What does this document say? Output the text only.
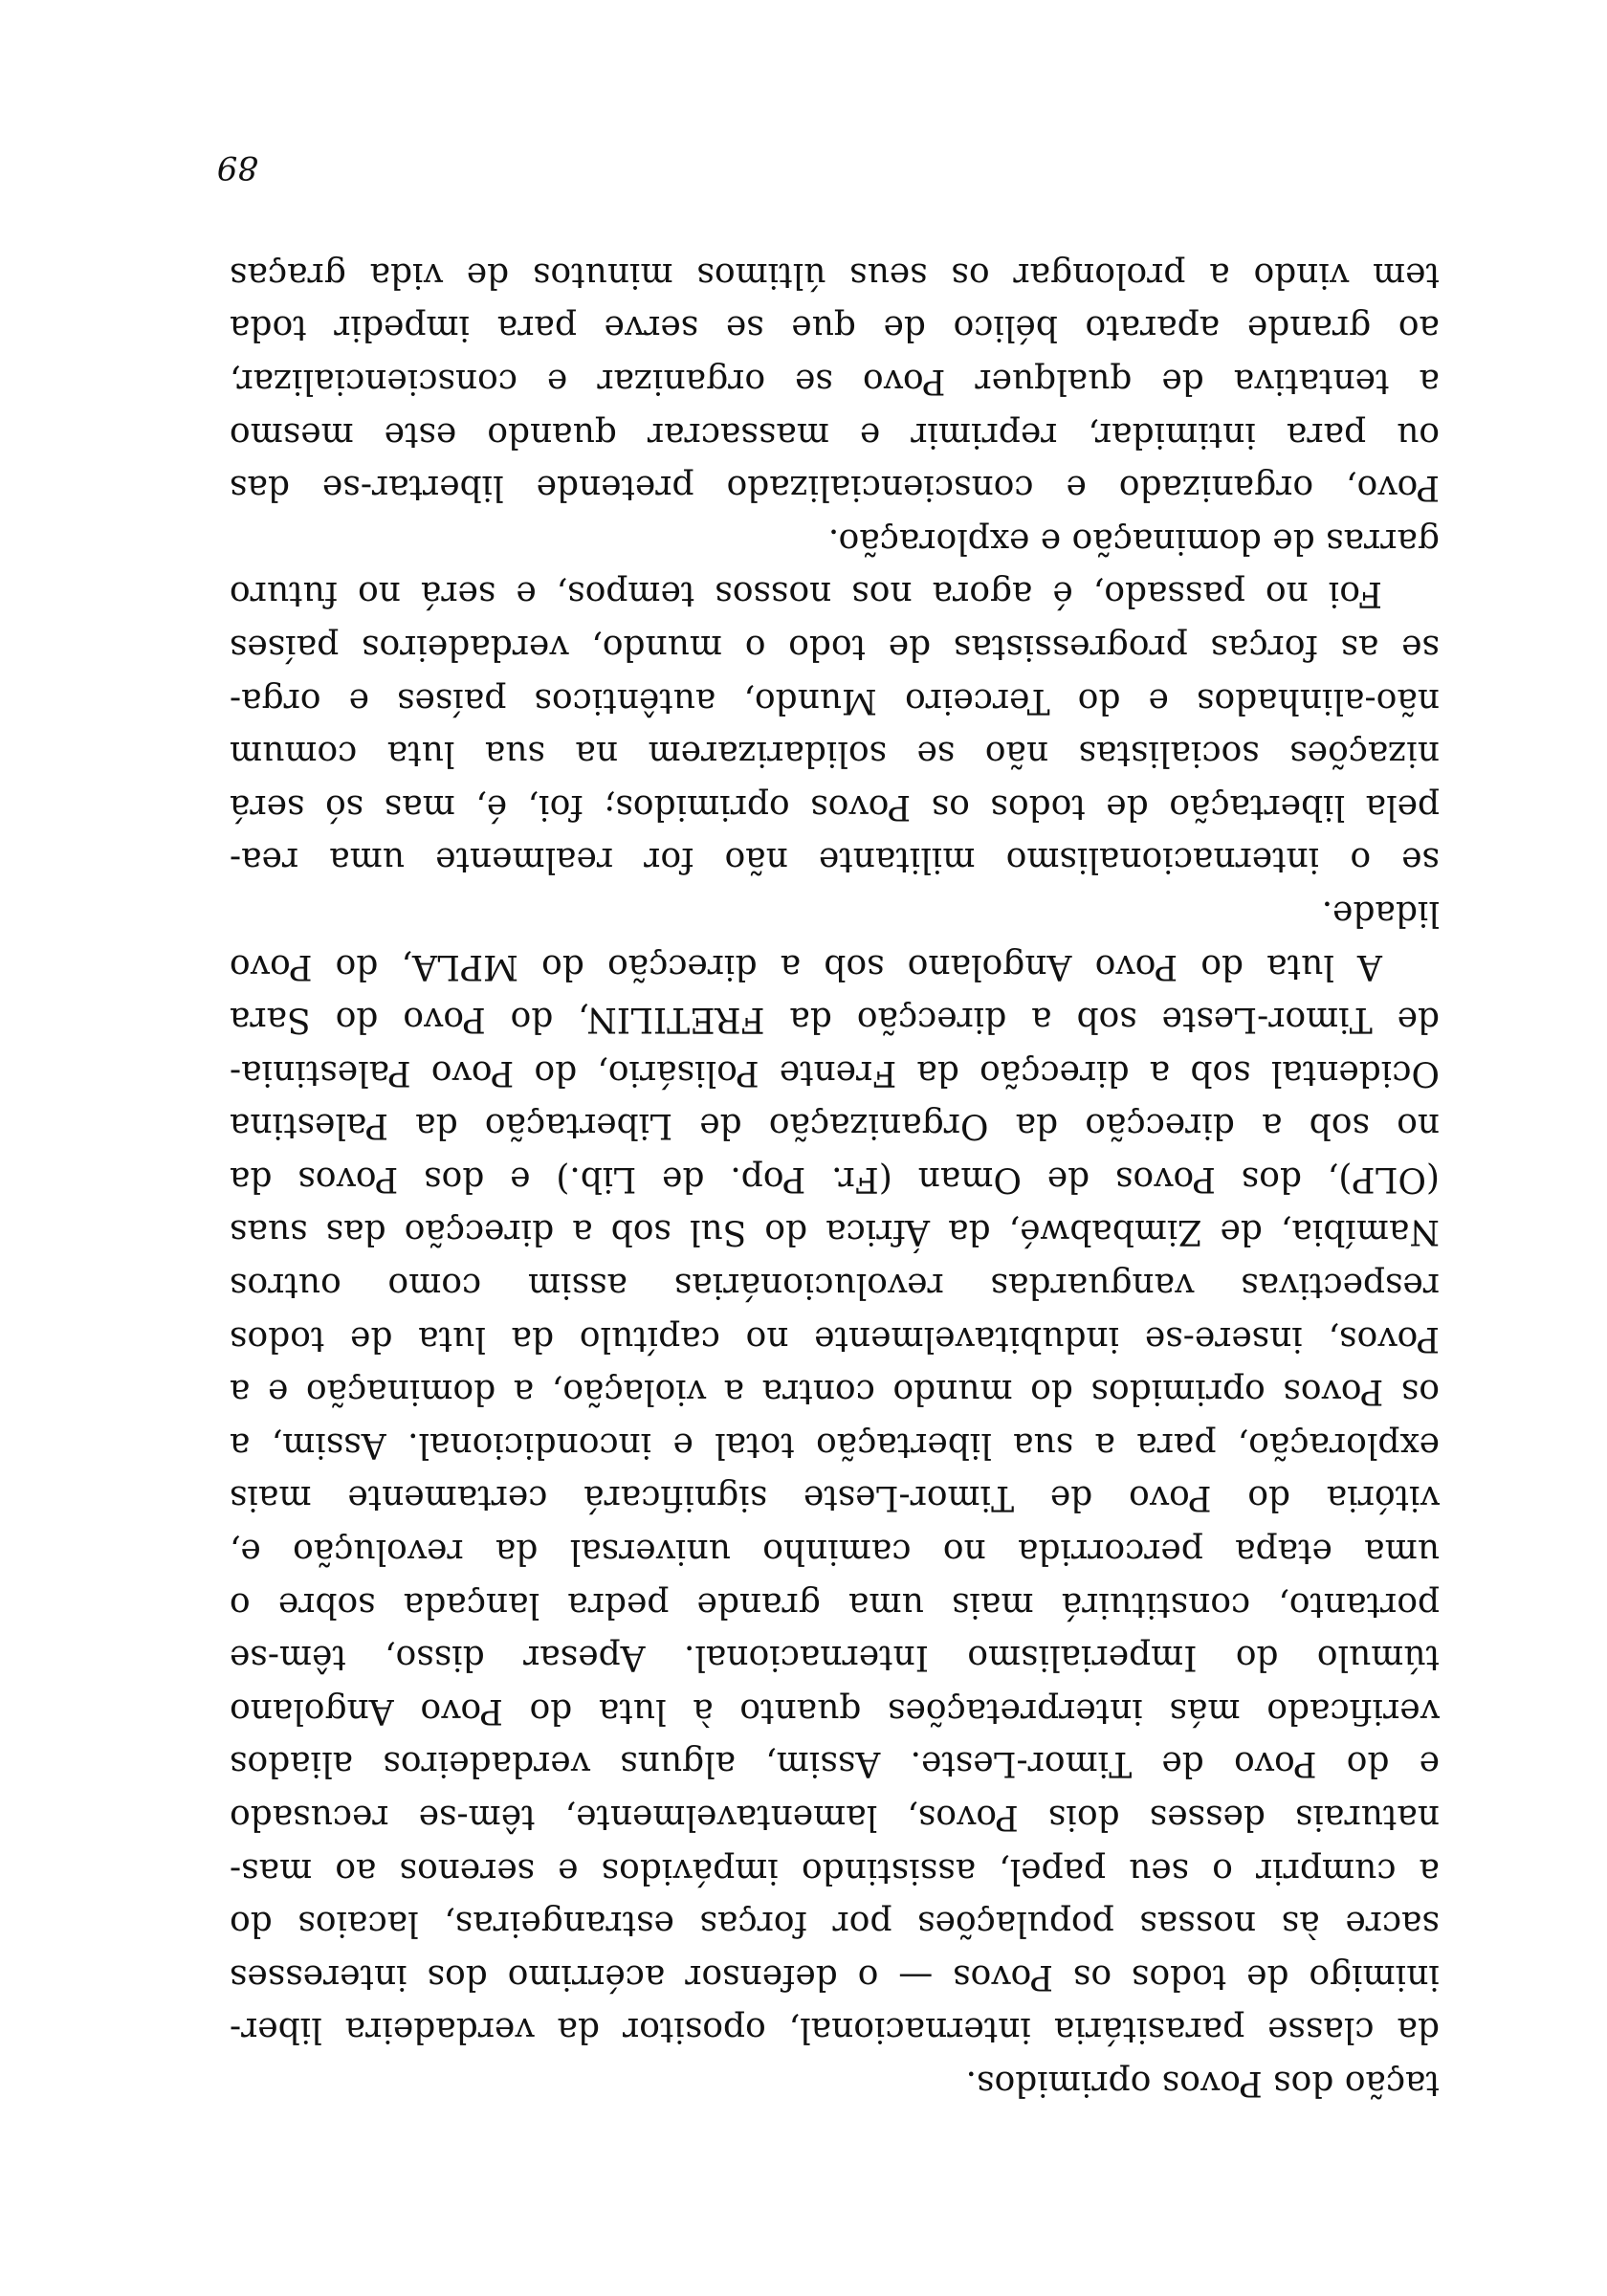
tação dos Povos oprimidos.
da classe parasitária internacional, opositor da verdadeira liber-
inimigo de todos os Povos — o defensor acérrimo dos interesses
sacre às nossas populações por forças estrangeiras, lacaios do
a cumprir o seu papel, assistindo impávidos e serenos ao mas-
naturais desses dois Povos, lamentavelmente, têm-se recusado
e do Povo de Timor-Leste. Assim, alguns verdadeiros aliados
verificado más interpretações quanto à luta do Povo Angolano
túmulo do Imperialismo Internacional. Apesar disso, têm-se
portanto, constituirá mais uma grande pedra lançada sobre o
uma etapa percorrida no caminho universal da revolução e,
vitória do Povo de Timor-Leste significará certamente mais
exploração, para a sua libertação total e incondicional. Assim, a
os Povos oprimidos do mundo contra a violação, a dominação e a
Povos, insere-se indubitavelmente no capítulo da luta de todos
respectivas vanguardas revolucionárias assim como outros
Namíbia, de Zimbabwé, da África do Sul sob a direcção das suas
(OLP), dos Povos de Oman (Fr. Pop. de Lib.) e dos Povos da
no sob a direcção da Organização de Libertação da Palestina
Ocidental sob a direcção da Frente Polisário, do Povo Palestinia-
de Timor-Leste sob a direcção da FRETILIN, do Povo do Sara
A luta do Povo Angolano sob a direcção do MPLA, do Povo
lidade.
se o internacionalismo militante não for realmente uma rea-
pela libertação de todos os Povos oprimidos; foi, é, mas só será
nizações socialistas não se solidarizarem na sua luta comum
não-alinhados e do Terceiro Mundo, autênticos países e orga-
se as forças progressistas de todo o mundo, verdadeiros países
Foi no passado, é agora nos nossos tempos, e será no futuro
garras de dominação e exploração.
Povo, organizado e consciencializado pretende libertar-se das
ou para intimidar, reprimir e massacrar quando este mesmo
a tentativa de qualquer Povo se organizar e consciencializar,
ao grande aparato bélico de que se serve para impedir toda
tem vindo a prolongar os seus últimos minutos de vida graças
89
